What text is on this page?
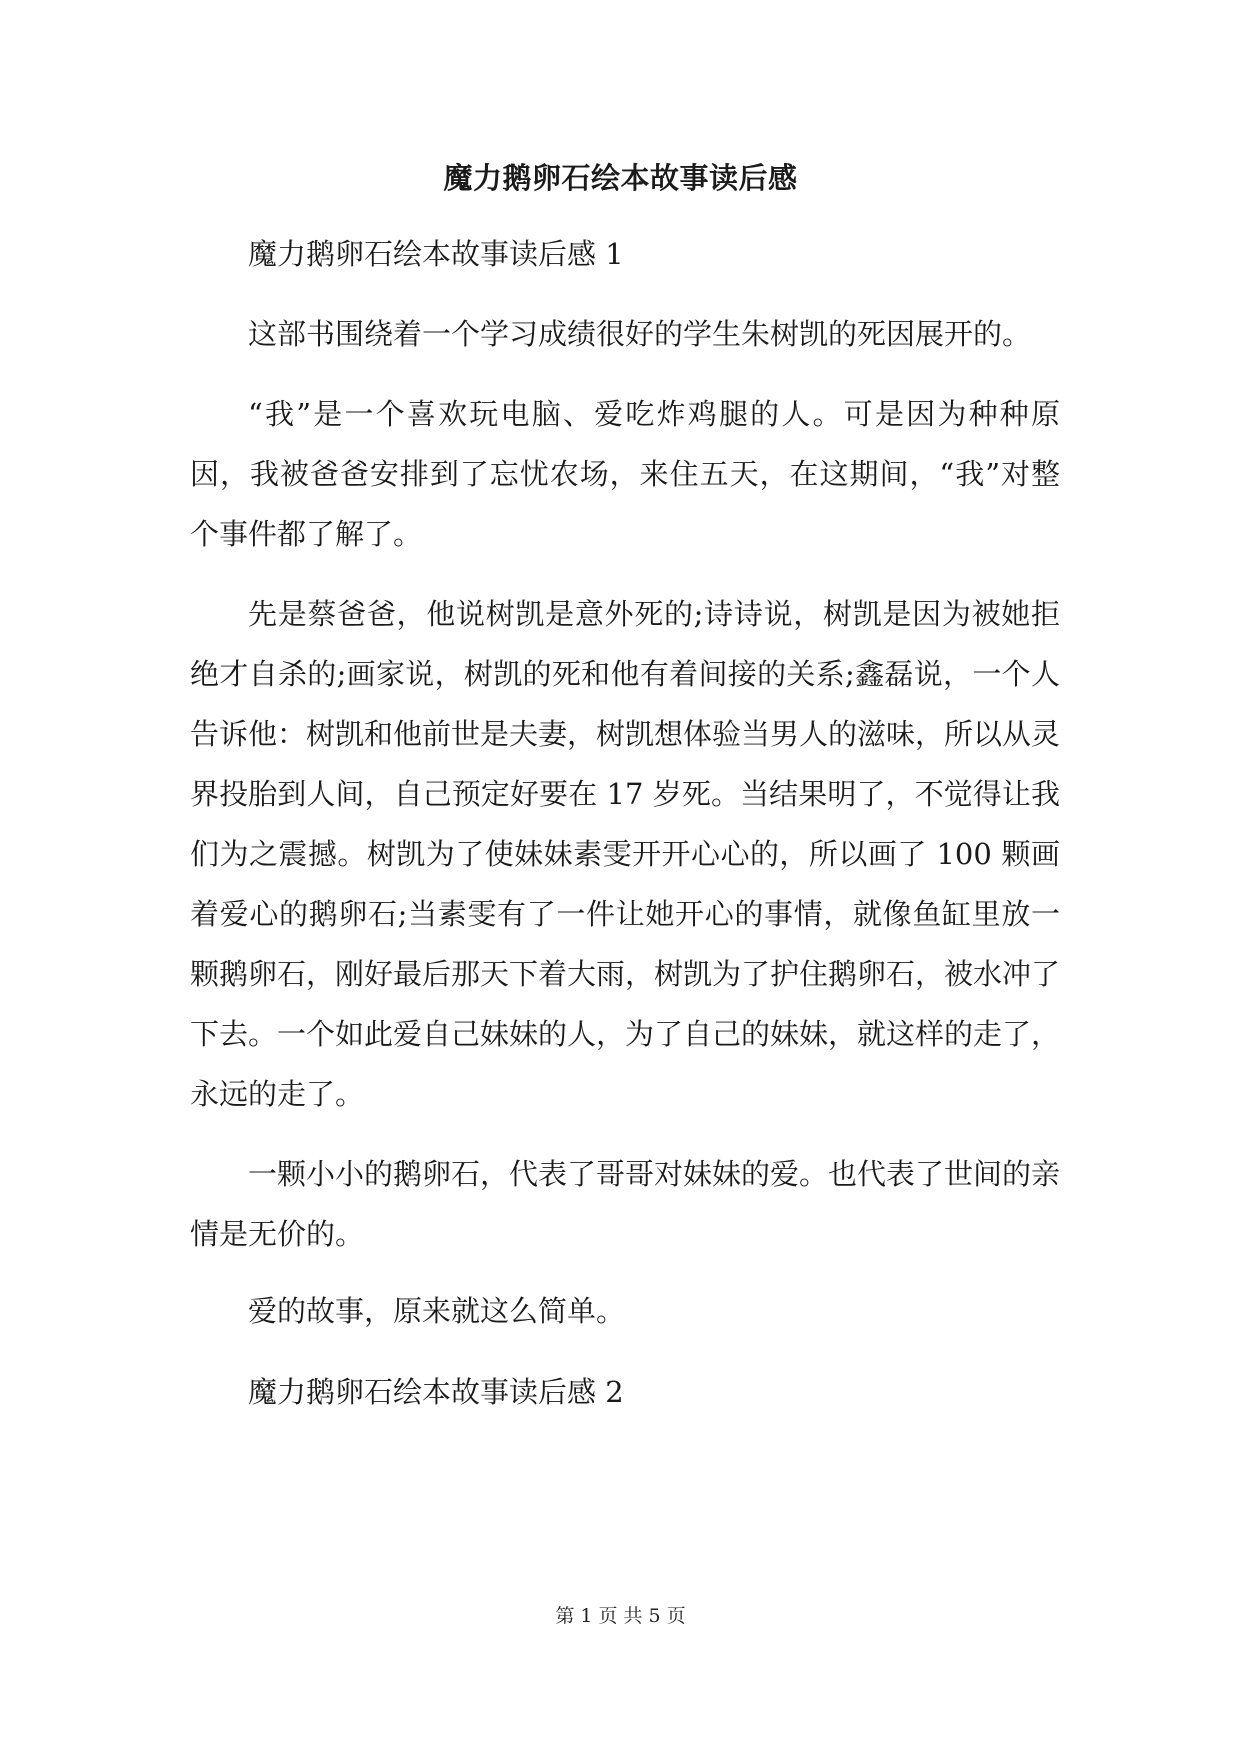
魔力鹅卵石绘本故事读后感

魔力鹅卵石绘本故事读后感 1

这部书围绕着一个学习成绩很好的学生朱树凯的死因展开的。

“我”是一个喜欢玩电脑、爱吃炸鸡腿的人。可是因为种种原因，我被爸爸安排到了忘忧农场，来住五天，在这期间，“我”对整个事件都了解了。

先是蔡爸爸，他说树凯是意外死的;诗诗说，树凯是因为被她拒绝才自杀的;画家说，树凯的死和他有着间接的关系;鑫磊说，一个人告诉他：树凯和他前世是夫妻，树凯想体验当男人的滋味，所以从灵界投胎到人间，自己预定好要在 17 岁死。当结果明了，不觉得让我们为之震撼。树凯为了使妹妹素雯开开心心的，所以画了 100 颗画着爱心的鹅卵石;当素雯有了一件让她开心的事情，就像鱼缸里放一颗鹅卵石，刚好最后那天下着大雨，树凯为了护住鹅卵石，被水冲了下去。一个如此爱自己妹妹的人，为了自己的妹妹，就这样的走了，永远的走了。

一颗小小的鹅卵石，代表了哥哥对妹妹的爱。也代表了世间的亲情是无价的。

爱的故事，原来就这么简单。

魔力鹅卵石绘本故事读后感 2

第 1 页 共 5 页
